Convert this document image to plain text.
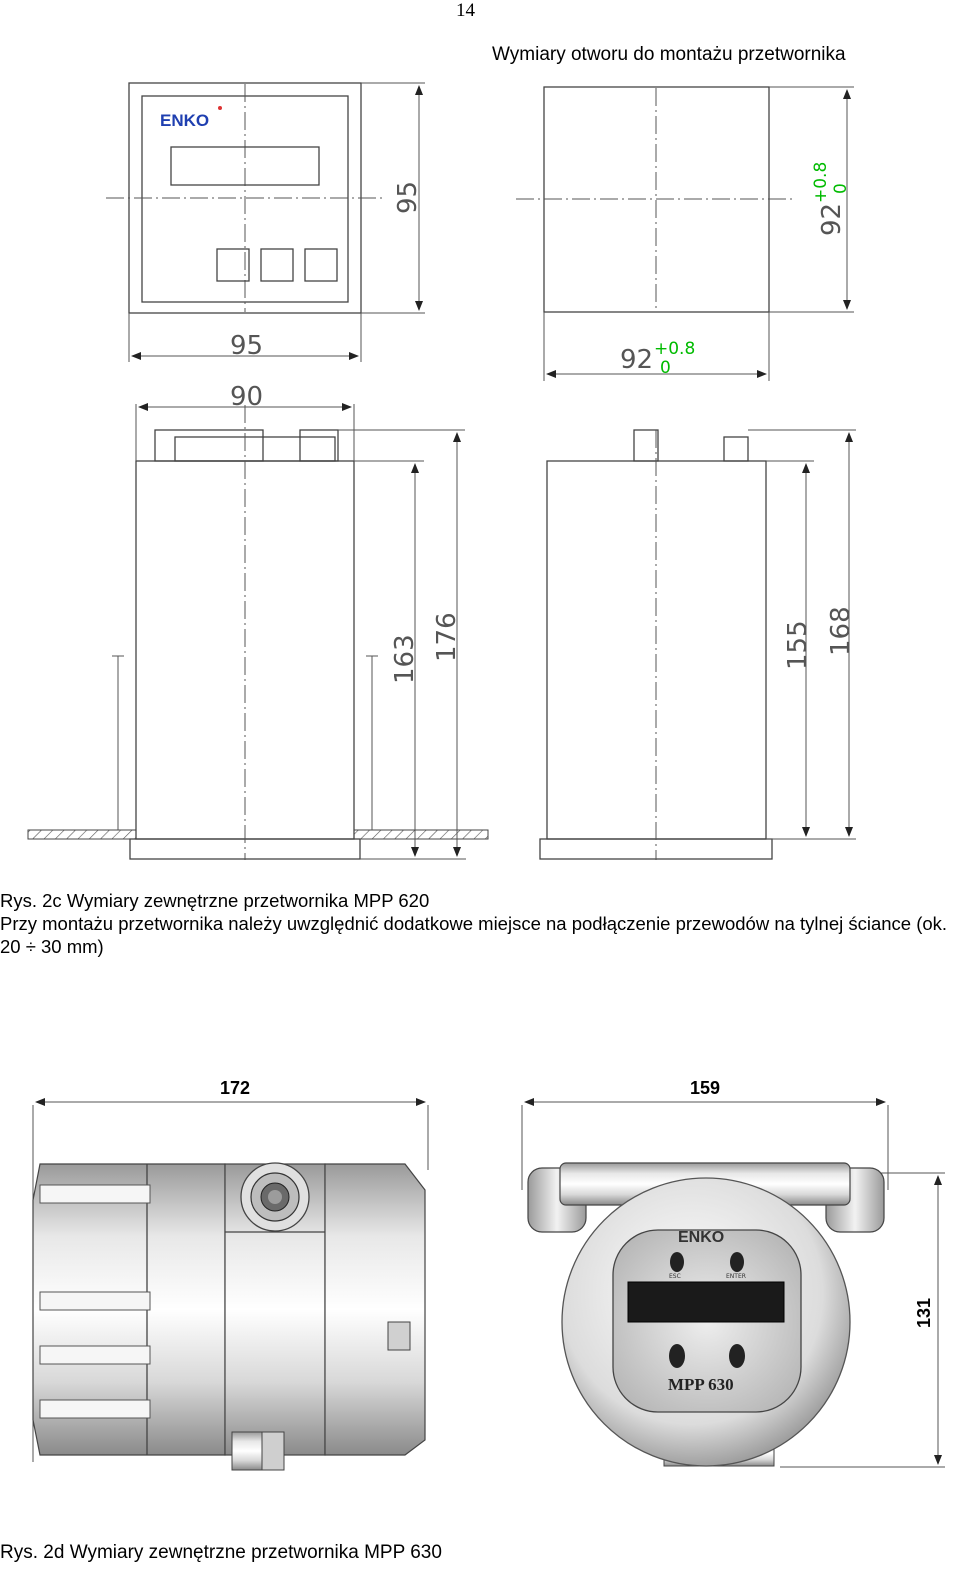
14
Wymiary otworu do montażu przetwornika
ENKO
95
95
92
+0.8 0
92 +0.8
0
90
163 176	155 168
Rys. 2c Wymiary zewnętrzne przetwornika MPP 620
Przy montażu przetwornika należy uwzględnić dodatkowe miejsce na podłączenie przewodów na tylnej ściance (ok. 20 ÷ 30 mm)
172	159
131
ENKO
ESC	ENTER
MPP 630
Rys. 2d Wymiary zewnętrzne przetwornika MPP 630
